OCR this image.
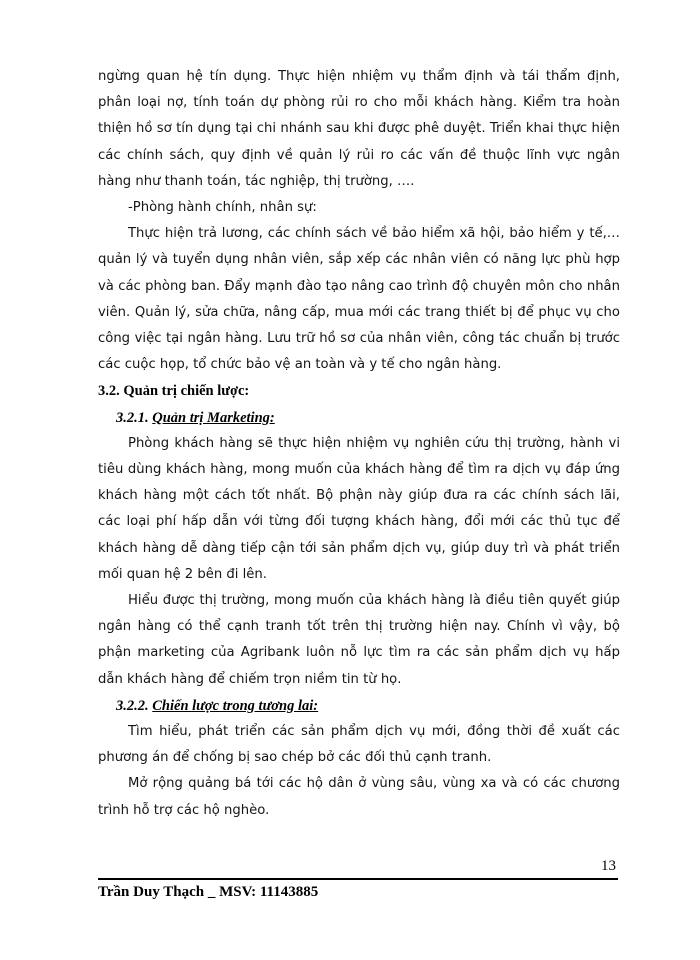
ngừng quan hệ tín dụng. Thực hiện nhiệm vụ thẩm định và tái thẩm định, phân loại nợ, tính toán dự phòng rủi ro cho mỗi khách hàng. Kiểm tra hoàn thiện hồ sơ tín dụng tại chi nhánh sau khi được phê duyệt. Triển khai thực hiện các chính sách, quy định về quản lý rủi ro các vấn đề thuộc lĩnh vực ngân hàng như thanh toán, tác nghiệp, thị trường, ….

-Phòng hành chính, nhân sự:

Thực hiện trả lương, các chính sách về bảo hiểm xã hội, bảo hiểm y tế,…quản lý và tuyển dụng nhân viên, sắp xếp các nhân viên có năng lực phù hợp và các phòng ban. Đẩy mạnh đào tạo nâng cao trình độ chuyên môn cho nhân viên. Quản lý, sửa chữa, nâng cấp, mua mới các trang thiết bị để phục vụ cho công việc tại ngân hàng. Lưu trữ hồ sơ của nhân viên, công tác chuẩn bị trước các cuộc họp, tổ chức bảo vệ an toàn và y tế cho ngân hàng.

3.2. Quản trị chiến lược:

3.2.1. Quản trị Marketing:

Phòng khách hàng sẽ thực hiện nhiệm vụ nghiên cứu thị trường, hành vi tiêu dùng khách hàng, mong muốn của khách hàng để tìm ra dịch vụ đáp ứng khách hàng một cách tốt nhất. Bộ phận này giúp đưa ra các chính sách lãi, các loại phí hấp dẫn với từng đối tượng khách hàng, đổi mới các thủ tục để khách hàng dễ dàng tiếp cận tới sản phẩm dịch vụ, giúp duy trì và phát triển mối quan hệ 2 bên đi lên.

Hiểu được thị trường, mong muốn của khách hàng là điều tiên quyết giúp ngân hàng có thể cạnh tranh tốt trên thị trường hiện nay. Chính vì vậy, bộ phận marketing của Agribank luôn nỗ lực tìm ra các sản phẩm dịch vụ hấp dẫn khách hàng để chiếm trọn niềm tin từ họ.

3.2.2. Chiến lược trong tương lai:

Tìm hiểu, phát triển các sản phẩm dịch vụ mới, đồng thời đề xuất các phương án để chống bị sao chép bở các đối thủ cạnh tranh.

Mở rộng quảng bá tới các hộ dân ở vùng sâu, vùng xa và có các chương trình hỗ trợ các hộ nghèo.

13
Trần Duy Thạch _ MSV: 11143885
